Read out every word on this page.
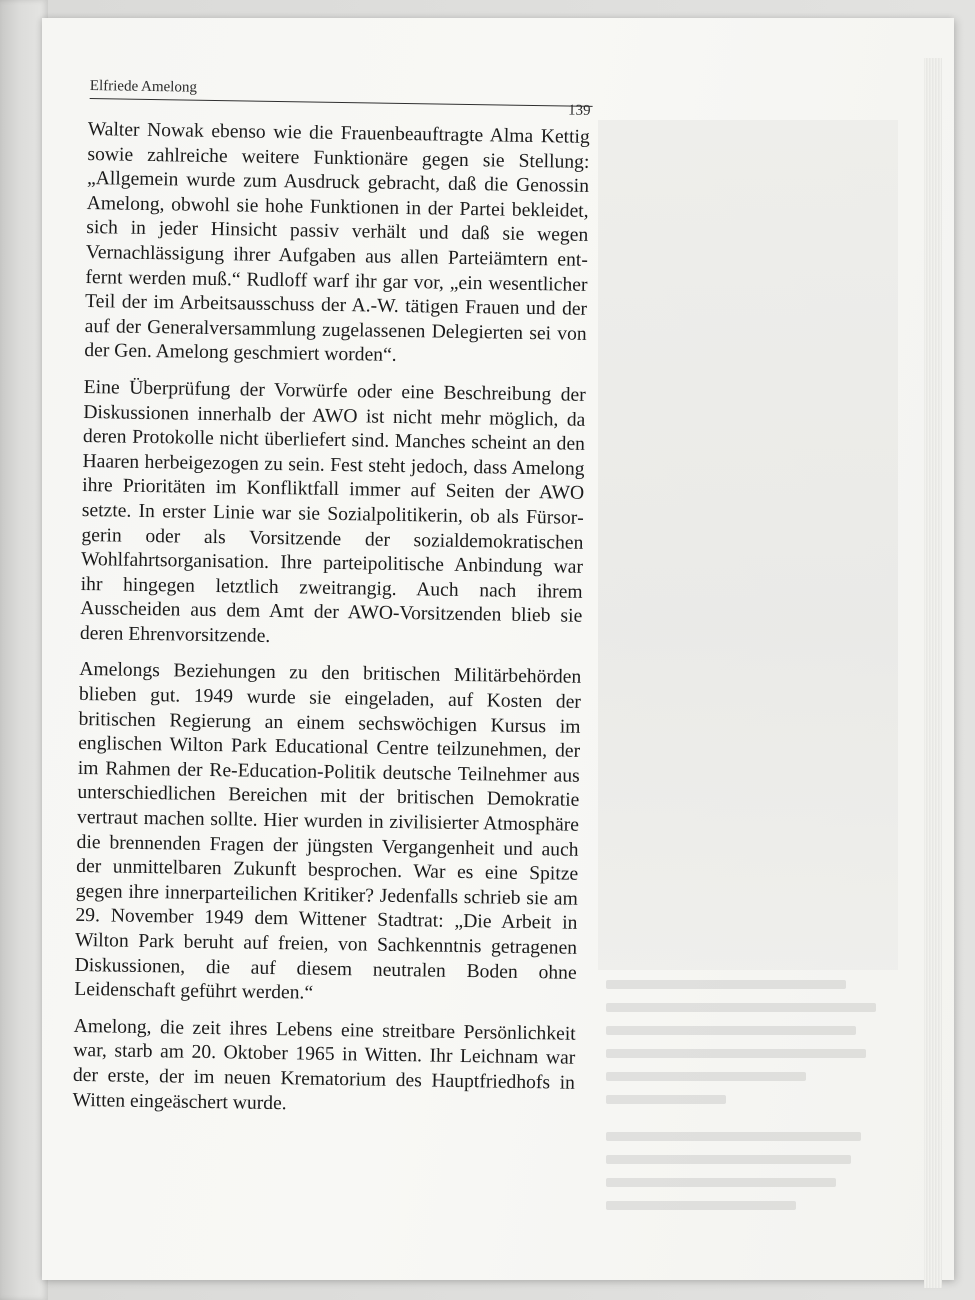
Elfriede Amelong
139

Walter Nowak ebenso wie die Frauenbeauftragte Alma Kettig sowie zahlreiche weitere Funktionäre gegen sie Stellung: „Allgemein wurde zum Ausdruck gebracht, daß die Genossin Amelong, obwohl sie hohe Funktionen in der Partei bekleidet, sich in jeder Hinsicht passiv verhält und daß sie wegen Vernachlässigung ihrer Aufgaben aus allen Parteiämtern entfernt werden muß.“ Rudloff warf ihr gar vor, „ein wesentlicher Teil der im Arbeitsausschuss der A.-W. tätigen Frauen und der auf der Generalversammlung zugelassenen Delegierten sei von der Gen. Amelong geschmiert worden“.

Eine Überprüfung der Vorwürfe oder eine Beschreibung der Diskussionen innerhalb der AWO ist nicht mehr möglich, da deren Protokolle nicht überliefert sind. Manches scheint an den Haaren herbeigezogen zu sein. Fest steht jedoch, dass Amelong ihre Prioritäten im Konfliktfall immer auf Seiten der AWO setzte. In erster Linie war sie Sozialpolitikerin, ob als Fürsorgerin oder als Vorsitzende der sozialdemokratischen Wohlfahrtsorganisation. Ihre parteipolitische Anbindung war ihr hingegen letztlich zweitrangig. Auch nach ihrem Ausscheiden aus dem Amt der AWO-Vorsitzenden blieb sie deren Ehrenvorsitzende.

Amelongs Beziehungen zu den britischen Militärbehörden blieben gut. 1949 wurde sie eingeladen, auf Kosten der britischen Regierung an einem sechswöchigen Kursus im englischen Wilton Park Educational Centre teilzunehmen, der im Rahmen der Re-Education-Politik deutsche Teilnehmer aus unterschiedlichen Bereichen mit der britischen Demokratie vertraut machen sollte. Hier wurden in zivilisierter Atmosphäre die brennenden Fragen der jüngsten Vergangenheit und auch der unmittelbaren Zukunft besprochen. War es eine Spitze gegen ihre innerparteilichen Kritiker? Jedenfalls schrieb sie am 29. November 1949 dem Wittener Stadtrat: „Die Arbeit in Wilton Park beruht auf freien, von Sachkenntnis getragenen Diskussionen, die auf diesem neutralen Boden ohne Leidenschaft geführt werden.“

Amelong, die zeit ihres Lebens eine streitbare Persönlichkeit war, starb am 20. Oktober 1965 in Witten. Ihr Leichnam war der erste, der im neuen Krematorium des Hauptfriedhofs in Witten eingeäschert wurde.
